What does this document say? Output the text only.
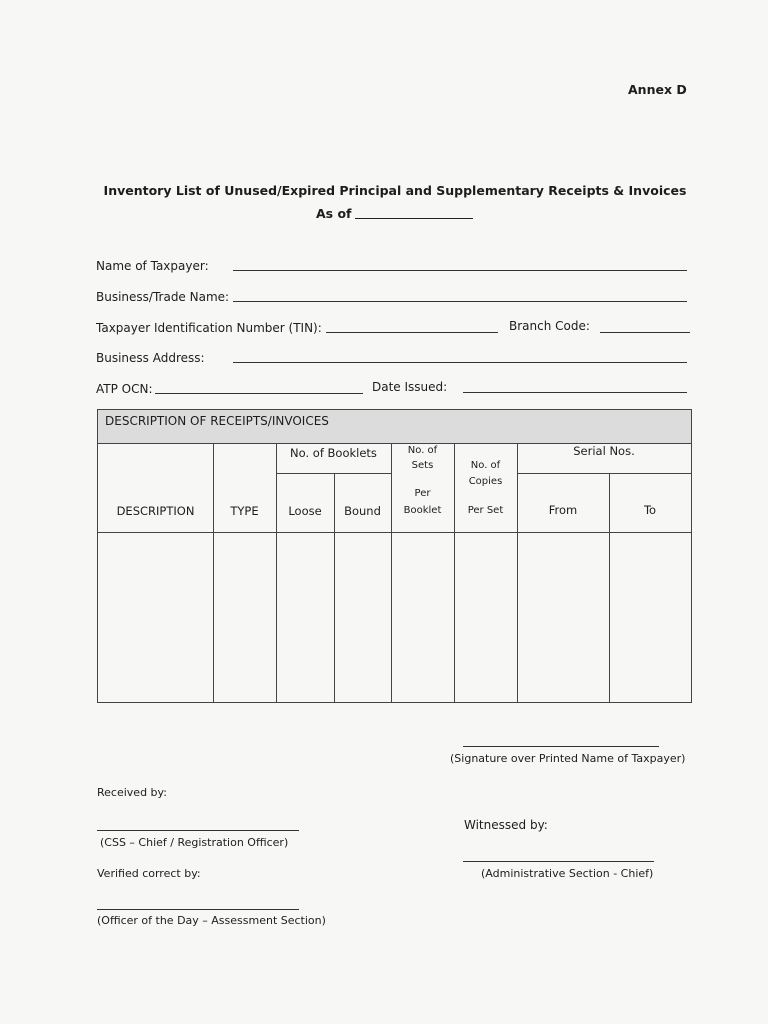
Annex D
Inventory List of Unused/Expired Principal and Supplementary Receipts & Invoices
As of
Name of Taxpayer:
Business/Trade Name:
Taxpayer Identification Number (TIN):	Branch Code:
Business Address:
ATP OCN:	Date Issued:
DESCRIPTION OF RECEIPTS/INVOICES
DESCRIPTION	TYPE
No. of Booklets
Loose	Bound
No. of
Sets
Per
Booklet
No. of
Copies
Per Set
Serial Nos.
From	To
(Signature over Printed Name of Taxpayer)
Received by:
Witnessed by:
(CSS – Chief / Registration Officer)
Verified correct by:	(Administrative Section - Chief)
(Officer of the Day – Assessment Section)
